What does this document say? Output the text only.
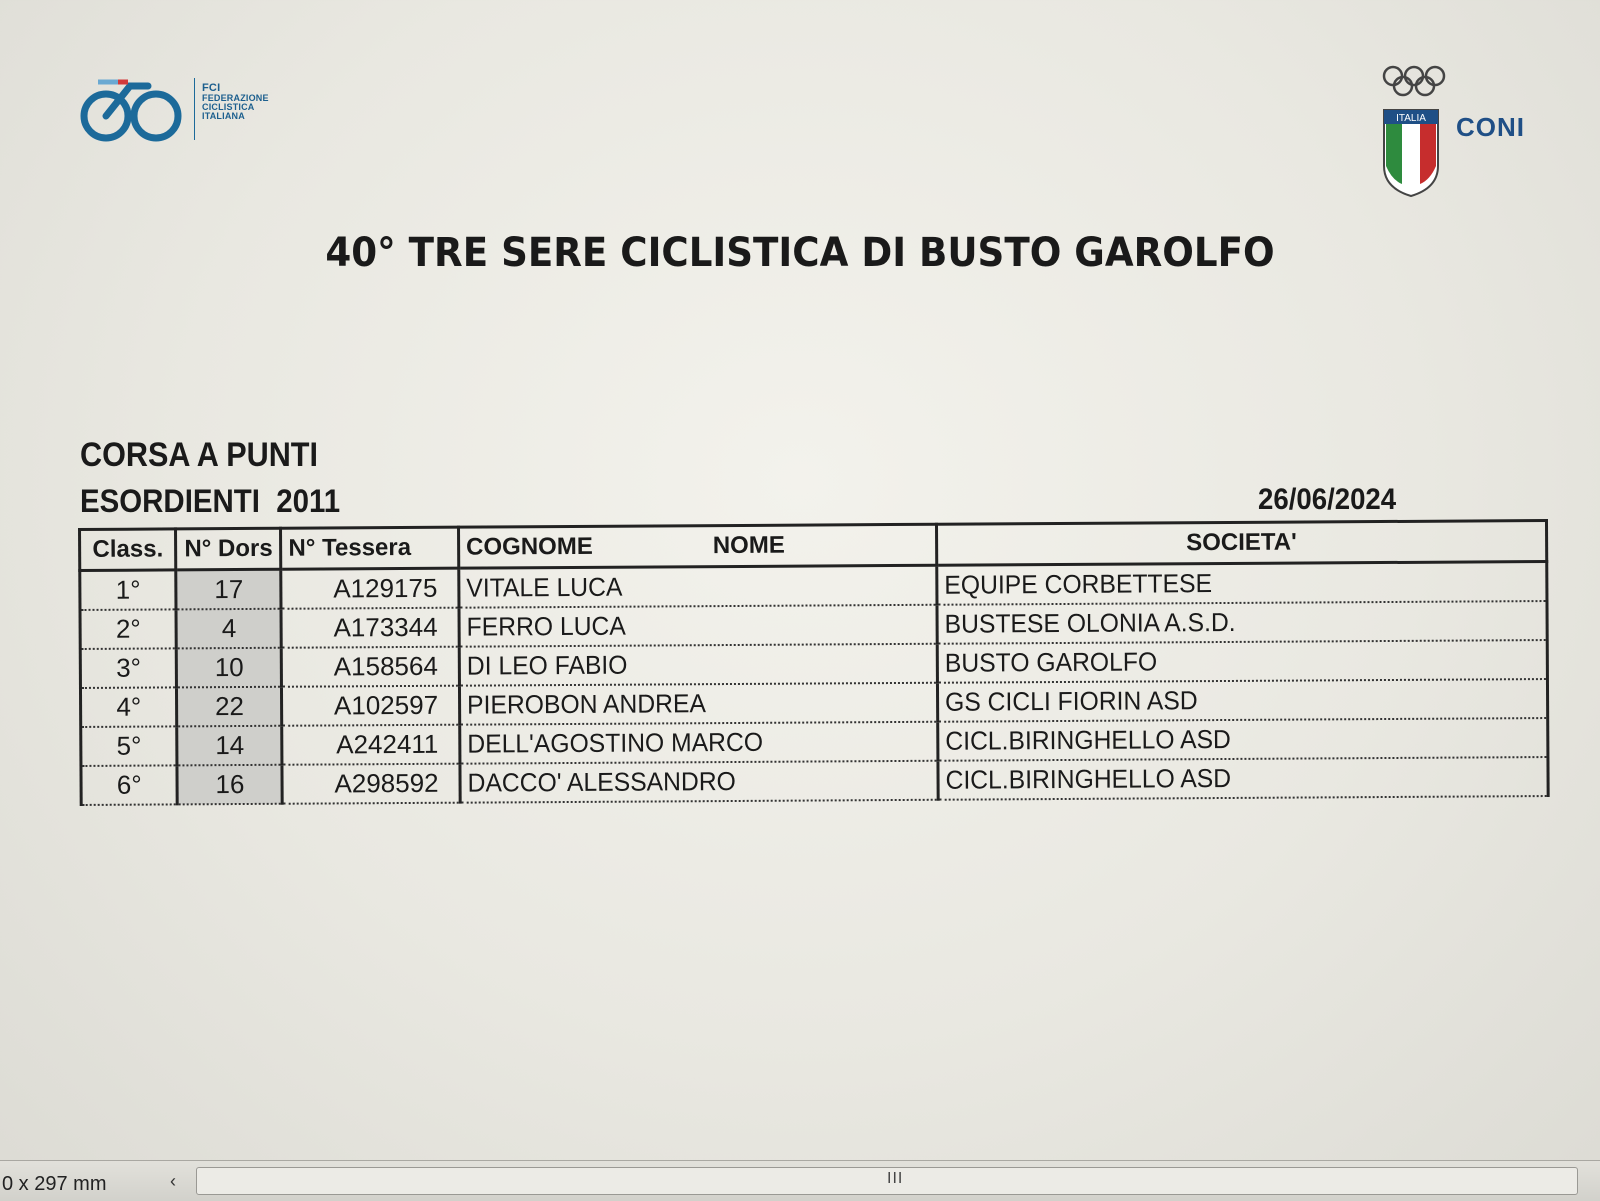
FCI
FEDERAZIONE
CICLISTICA
ITALIANA	ITALIA CONI
40° TRE SERE CICLISTICA DI BUSTO GAROLFO
CORSA A PUNTI
ESORDIENTI  2011	26/06/2024
Class.	N° Dors	N° Tessera	COGNOME NOME	SOCIETA'
1°	17	A129175	VITALE LUCA	EQUIPE CORBETTESE
2°	4	A173344	FERRO LUCA	BUSTESE OLONIA A.S.D.
3°	10	A158564	DI LEO FABIO	BUSTO GAROLFO
4°	22	A102597	PIEROBON ANDREA	GS CICLI FIORIN ASD
5°	14	A242411	DELL'AGOSTINO MARCO	CICL.BIRINGHELLO ASD
6°	16	A298592	DACCO' ALESSANDRO	CICL.BIRINGHELLO ASD
0 x 297 mm	‹	III
